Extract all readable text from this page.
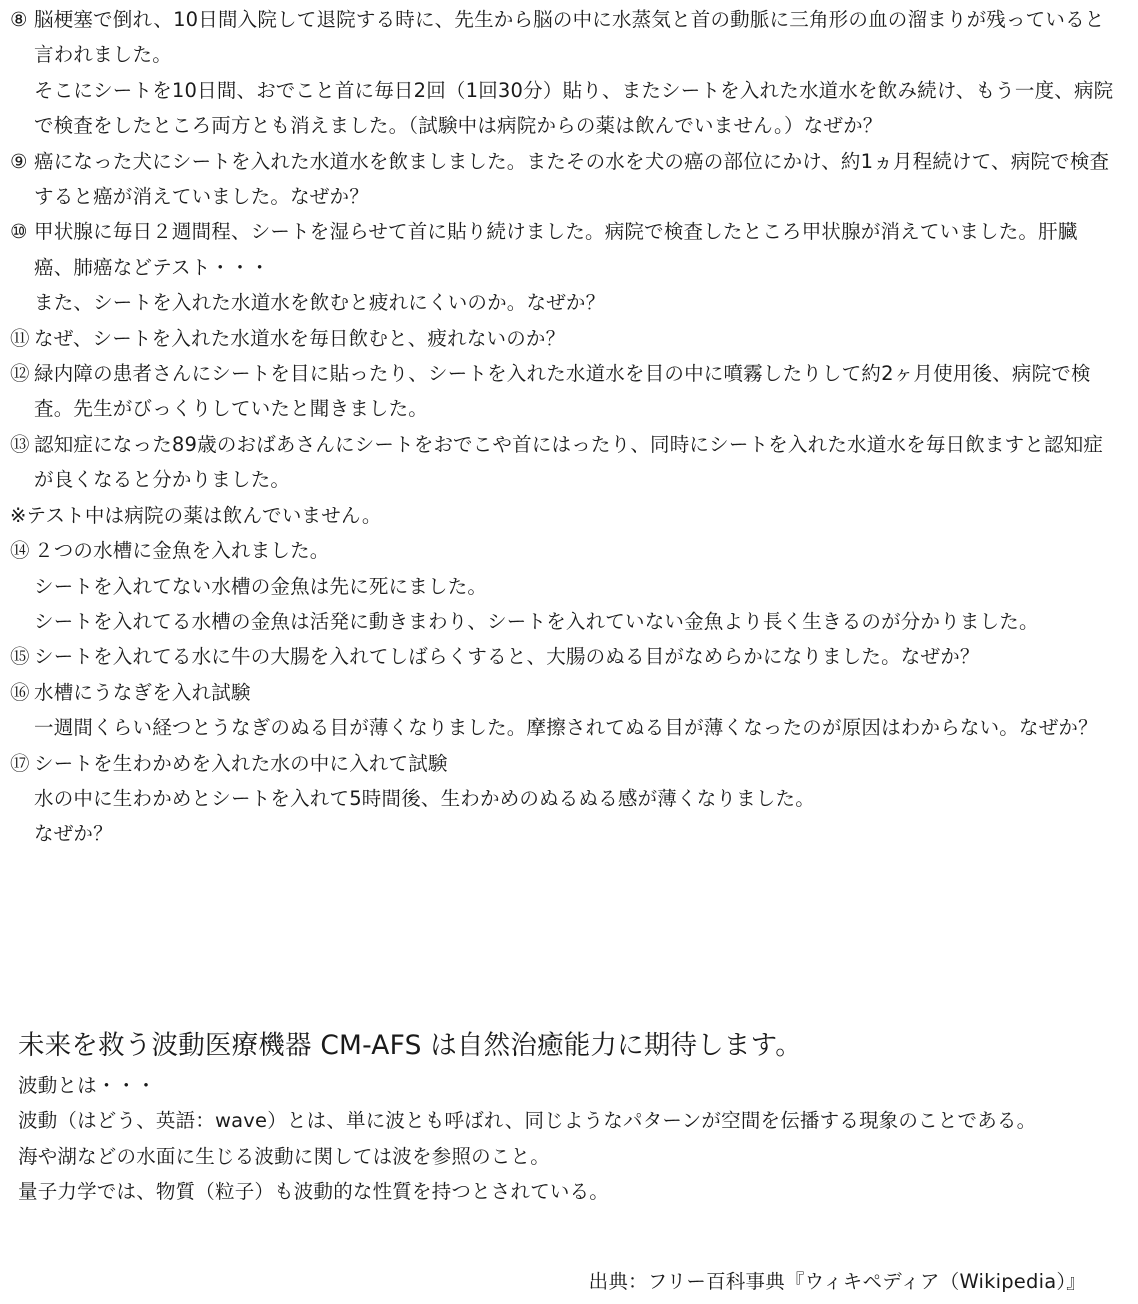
⑧ 脳梗塞で倒れ、10日間入院して退院する時に、先生から脳の中に水蒸気と首の動脈に三角形の血の溜まりが残っていると言われました。

そこにシートを10日間、おでこと首に毎日2回（1回30分）貼り、またシートを入れた水道水を飲み続け、もう一度、病院で検査をしたところ両方とも消えました。（試験中は病院からの薬は飲んでいません。）なぜか？

⑨ 癌になった犬にシートを入れた水道水を飲ましました。またその水を犬の癌の部位にかけ、約1ヵ月程続けて、病院で検査すると癌が消えていました。なぜか？

⑩ 甲状腺に毎日２週間程、シートを湿らせて首に貼り続けました。病院で検査したところ甲状腺が消えていました。肝臓癌、肺癌などテスト・・・

また、シートを入れた水道水を飲むと疲れにくいのか。なぜか？

⑪ なぜ、シートを入れた水道水を毎日飲むと、疲れないのか？

⑫ 緑内障の患者さんにシートを目に貼ったり、シートを入れた水道水を目の中に噴霧したりして約2ヶ月使用後、病院で検査。先生がびっくりしていたと聞きました。

⑬ 認知症になった89歳のおばあさんにシートをおでこや首にはったり、同時にシートを入れた水道水を毎日飲ますと認知症が良くなると分かりました。

※テスト中は病院の薬は飲んでいません。

⑭ ２つの水槽に金魚を入れました。

シートを入れてない水槽の金魚は先に死にました。

シートを入れてる水槽の金魚は活発に動きまわり、シートを入れていない金魚より長く生きるのが分かりました。

⑮ シートを入れてる水に牛の大腸を入れてしばらくすると、大腸のぬる目がなめらかになりました。なぜか？

⑯ 水槽にうなぎを入れ試験

一週間くらい経つとうなぎのぬる目が薄くなりました。摩擦されてぬる目が薄くなったのが原因はわからない。なぜか？

⑰ シートを生わかめを入れた水の中に入れて試験

水の中に生わかめとシートを入れて5時間後、生わかめのぬるぬる感が薄くなりました。

なぜか？

未来を救う波動医療機器 CM-AFS は自然治癒能力に期待します。

波動とは・・・

波動（はどう、英語：wave）とは、単に波とも呼ばれ、同じようなパターンが空間を伝播する現象のことである。

海や湖などの水面に生じる波動に関しては波を参照のこと。

量子力学では、物質（粒子）も波動的な性質を持つとされている。

出典：フリー百科事典『ウィキペディア（Wikipedia）』
